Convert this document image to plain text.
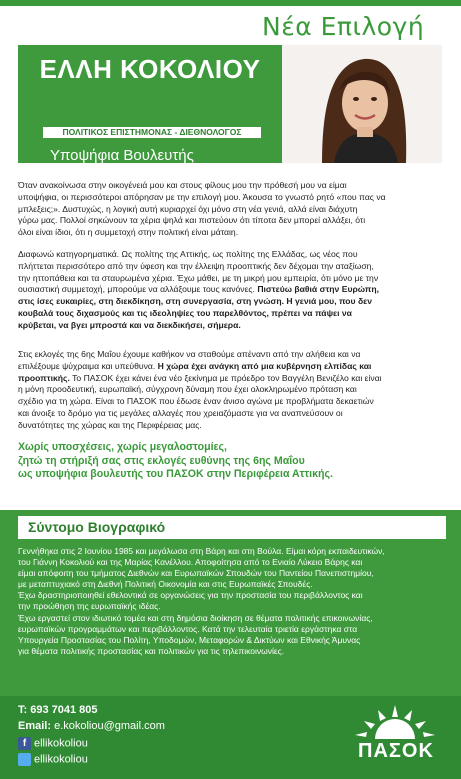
Νέα Επιλογή
ΕΛΛΗ ΚΟΚΟΛΙΟΥ
ΠΟΛΙΤΙΚΟΣ ΕΠΙΣΤΗΜΟΝΑΣ - ΔΙΕΘΝΟΛΟΓΟΣ
Υποψήφια Βουλευτής
Περιφέρειας Αττικής
Όταν ανακοίνωσα στην οικογένειά μου και στους φίλους μου την πρόθεσή μου να είμαι
υποψήφια, οι περισσότεροι απόρησαν με την επιλογή μου. Άκουσα το γνωστό ρητό «που πας να
μπλεξεις;». Δυστυχώς, η λογική αυτή κυριαρχεί όχι μόνο στη νέα γενιά, αλλά είναι διάχυτη
γύρω μας. Πολλοί σηκώνουν τα χέρια ψηλά και πιστεύουν ότι τίποτα δεν μπορεί αλλάξει, ότι
όλοι είναι ίδιοι, ότι η συμμετοχή στην πολιτική είναι μάταιη.
Διαφωνώ κατηγορηματικά. Ως πολίτης της Αττικής, ως πολίτης της Ελλάδας, ως νέος που
πλήττεται περισσότερο από την ύφεση και την έλλειψη προοπτικής δεν δέχομαι την αταξίωση,
την ηττοπάθεια και τα σταυρωμένα χέρια. Έχω μάθει, με τη μικρή μου εμπειρία, ότι μόνο με την
ουσιαστική συμμετοχή, μπορούμε να αλλάξουμε τους κανόνες. Πιστεύω βαθιά στην Ευρώπη,
στις ίσες ευκαιρίες, στη διεκδίκηση, στη συνεργασία, στη γνώση. Η γενιά μου, που δεν
κουβαλά τους διχασμούς και τις ιδεοληψίες του παρελθόντος, πρέπει να πάψει να
κρύβεται, να βγει μπροστά και να διεκδικήσει, σήμερα.
Στις εκλογές της 6ης Μαΐου έχουμε καθήκον να σταθούμε απέναντι από την αλήθεια και να
επιλέξουμε ψύχραιμα και υπεύθυνα. Η χώρα έχει ανάγκη από μια κυβέρνηση ελπίδας και
προοπτικής. Το ΠΑΣΟΚ έχει κάνει ένα νέο ξεκίνημα με πρόεδρο τον Βαγγέλη Βενιζέλο και είναι
η μόνη προοδευτική, ευρωπαϊκή, σύγχρονη δύναμη που έχει ολοκληρωμένο πρόταση και
σχέδιο για τη χώρα. Είναι το ΠΑΣΟΚ που έδωσε έναν άνισο αγώνα με προβλήματα δεκαετιών
και άνοιξε το δρόμο για τις μεγάλες αλλαγές που χρειαζόμαστε για να αναπνεύσουν οι
δυνατότητες της χώρας και της Περιφέρειας μας.
Χωρίς υποσχέσεις, χωρίς μεγαλοστομίες,
ζητώ τη στήριξή σας στις εκλογές ευθύνης της 6ης Μαΐου
ως υποψήφια βουλευτής του ΠΑΣΟΚ στην Περιφέρεια Αττικής.
Σύντομο Βιογραφικό
Γεννήθηκα στις 2 Ιουνίου 1985 και μεγάλωσα στη Βάρη και στη Βούλα. Είμαι κόρη εκπαιδευτικών,
του Γιάννη Κοκολιού και της Μαρίας Κανέλλου. Αποφοίτησα από το Ενιαίο Λύκειο Βάρης και
είμαι απόφοιτη του τμήματος Διεθνών και Ευρωπαϊκών Σπουδών του Παντείου Πανεπιστημίου,
με μεταπτυχιακό στη Διεθνή Πολιτική Οικονομία και στις Ευρωπαϊκές Σπουδές.
Έχω δραστηριοποιηθεί εθελοντικά σε οργανώσεις για την προστασία του περιβάλλοντος και
την προώθηση της ευρωπαϊκής ιδέας.
Έχω εργαστεί στον ιδιωτικό τομέα και στη δημόσια διοίκηση σε θέματα πολιτικής επικοινωνίας,
ευρωπαϊκών προγραμμάτων και περιβάλλοντος. Κατά την τελευταία τριετία εργάστηκα στα
Υπουργεία Προστασίας του Πολίτη, Υποδομών, Μεταφορών & Δικτύων και Εθνικής Άμυνας
για θέματα πολιτικής προστασίας και πολιτικών για τις τηλεπικοινωνίες.
T: 693 7041 805
Email: e.kokoliou@gmail.com
f ellikokoliou
ellikokoliou	ΠΑΣΟΚ
